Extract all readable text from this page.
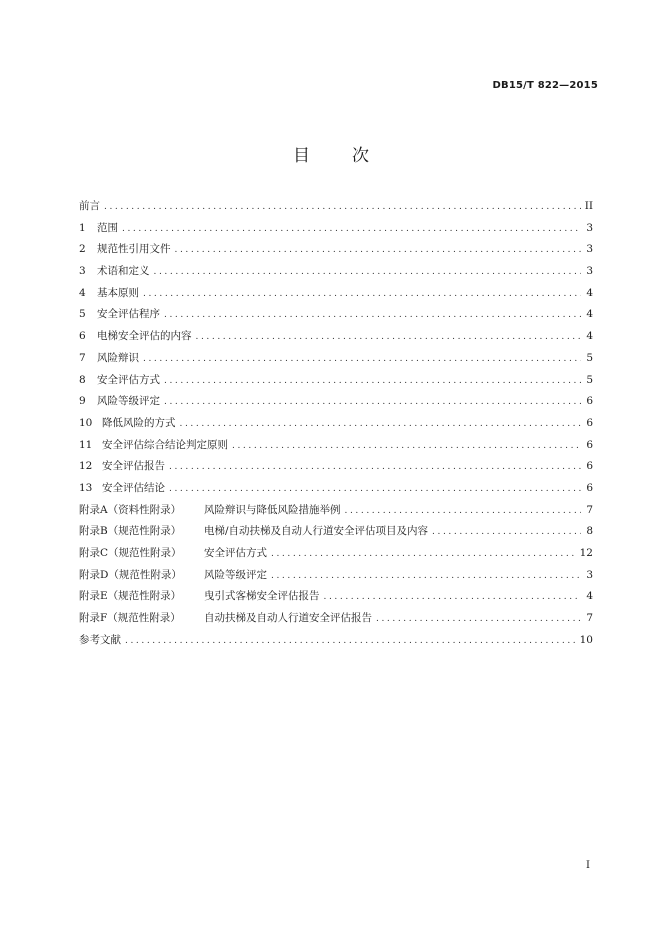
DB15/T 822—2015
目 次
前言 .....	II
1	范围 .....	3
2	规范性引用文件 .....	3
3	术语和定义 .....	3
4	基本原则 .....	4
5	安全评估程序 .....	4
6	电梯安全评估的内容 .....	4
7	风险辩识 .....	5
8	安全评估方式 .....	5
9	风险等级评定 .....	6
10 降低风险的方式 .....	6
11 安全评估综合结论判定原则 .....	6
12 安全评估报告 .....	6
13 安全评估结论 .....	6
附录A（资料性附录）	风险辩识与降低风险措施举例 .....	7
附录B（规范性附录）	电梯/自动扶梯及自动人行道安全评估项目及内容 .....	8
附录C（规范性附录）	安全评估方式 .....	12
附录D（规范性附录）	风险等级评定 .....	3
附录E（规范性附录）	曳引式客梯安全评估报告 .....	4
附录F（规范性附录）	自动扶梯及自动人行道安全评估报告 .....	7
参考文献 .....	10
I
